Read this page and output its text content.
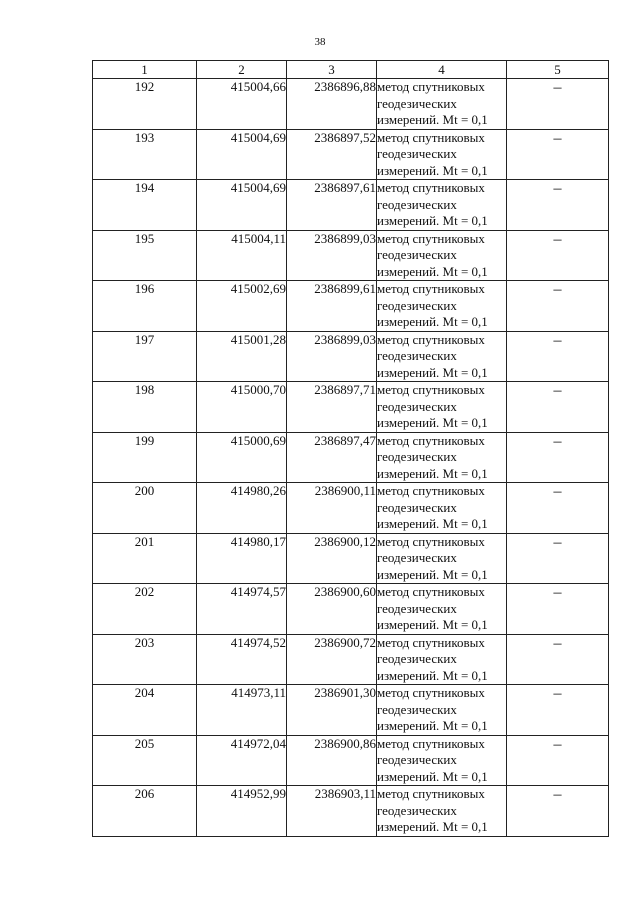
38
1	2	3	4	5
192	415004,66	2386896,88	метод спутниковых
геодезических
измерений. Mt = 0,1	–
193	415004,69	2386897,52	метод спутниковых
геодезических
измерений. Mt = 0,1	–
194	415004,69	2386897,61	метод спутниковых
геодезических
измерений. Mt = 0,1	–
195	415004,11	2386899,03	метод спутниковых
геодезических
измерений. Mt = 0,1	–
196	415002,69	2386899,61	метод спутниковых
геодезических
измерений. Mt = 0,1	–
197	415001,28	2386899,03	метод спутниковых
геодезических
измерений. Mt = 0,1	–
198	415000,70	2386897,71	метод спутниковых
геодезических
измерений. Mt = 0,1	–
199	415000,69	2386897,47	метод спутниковых
геодезических
измерений. Mt = 0,1	–
200	414980,26	2386900,11	метод спутниковых
геодезических
измерений. Mt = 0,1	–
201	414980,17	2386900,12	метод спутниковых
геодезических
измерений. Mt = 0,1	–
202	414974,57	2386900,60	метод спутниковых
геодезических
измерений. Mt = 0,1	–
203	414974,52	2386900,72	метод спутниковых
геодезических
измерений. Mt = 0,1	–
204	414973,11	2386901,30	метод спутниковых
геодезических
измерений. Mt = 0,1	–
205	414972,04	2386900,86	метод спутниковых
геодезических
измерений. Mt = 0,1	–
206	414952,99	2386903,11	метод спутниковых
геодезических
измерений. Mt = 0,1	–
